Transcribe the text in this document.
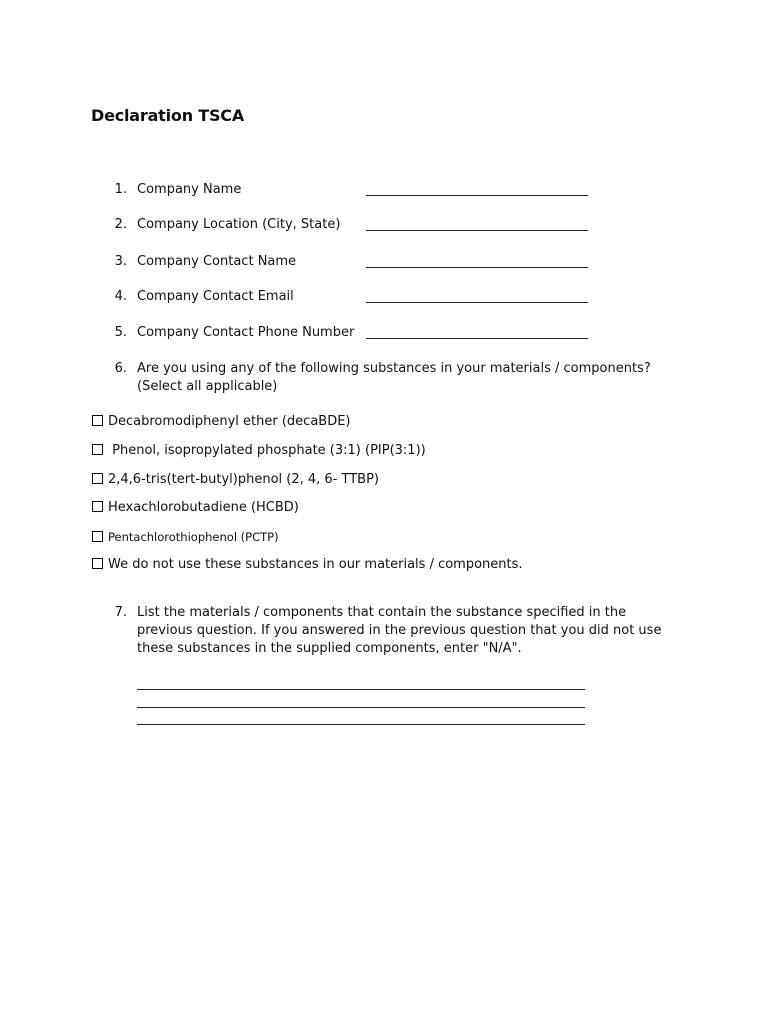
Declaration TSCA
1. Company Name
2. Company Location (City, State)
3. Company Contact Name
4. Company Contact Email
5. Company Contact Phone Number
6. Are you using any of the following substances in your materials / components? (Select all applicable)
Decabromodiphenyl ether (decaBDE)
Phenol, isopropylated phosphate (3:1) (PIP(3:1))
2,4,6-tris(tert-butyl)phenol (2, 4, 6- TTBP)
Hexachlorobutadiene (HCBD)
Pentachlorothiophenol (PCTP)
We do not use these substances in our materials / components.
7. List the materials / components that contain the substance specified in the previous question. If you answered in the previous question that you did not use these substances in the supplied components, enter "N/A".
